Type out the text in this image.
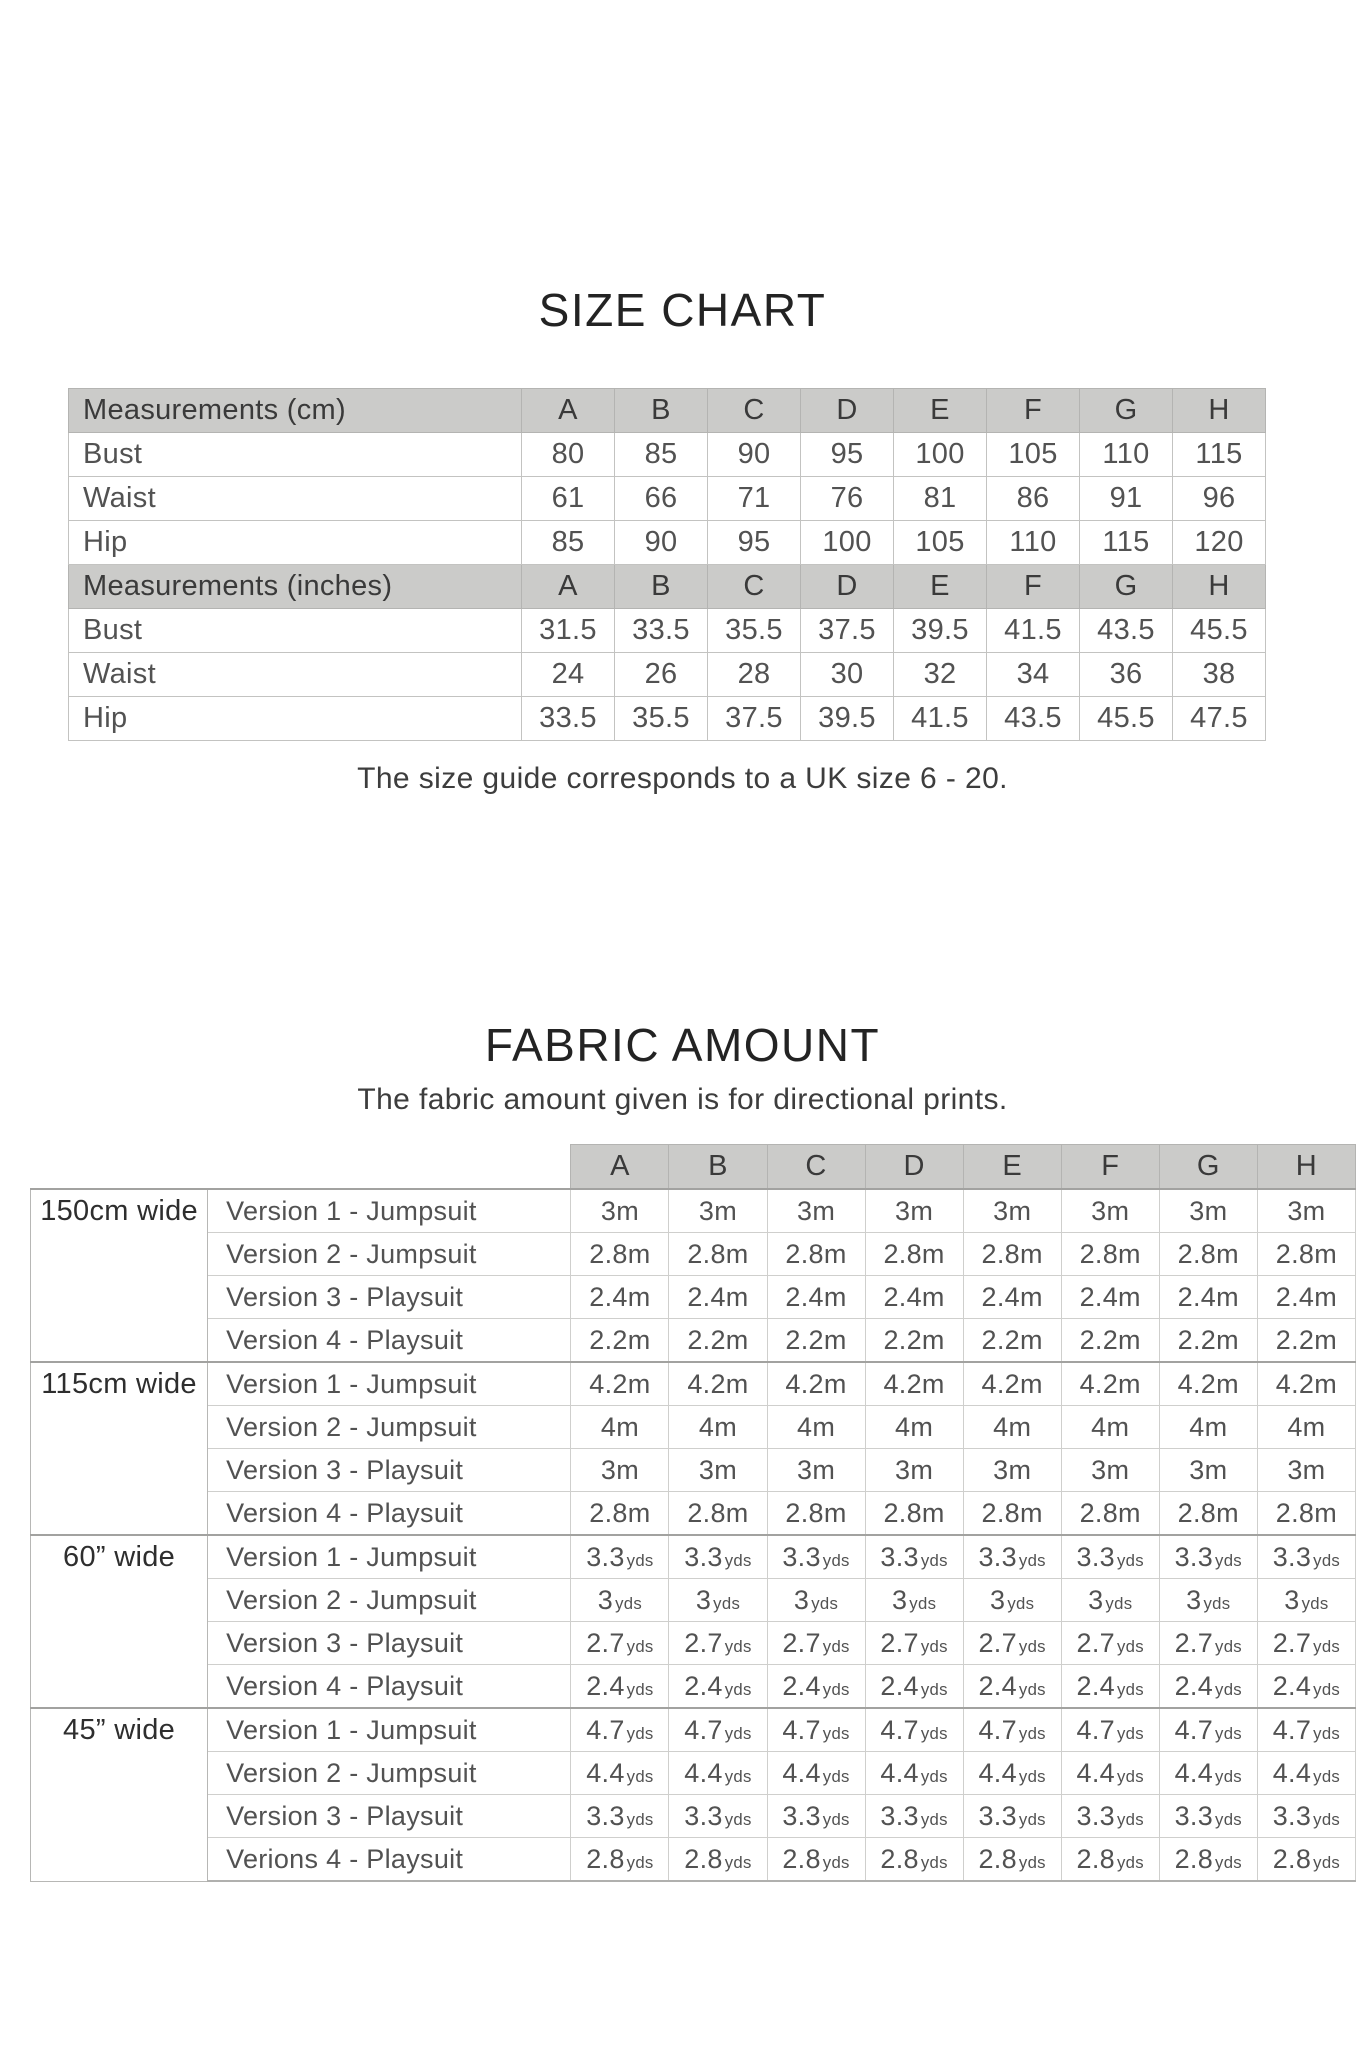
SIZE CHART
Measurements (cm)	A	B	C	D	E	F	G	H
Bust	80	85	90	95	100	105	110	115
Waist	61	66	71	76	81	86	91	96
Hip	85	90	95	100	105	110	115	120
Measurements (inches)	A	B	C	D	E	F	G	H
Bust	31.5	33.5	35.5	37.5	39.5	41.5	43.5	45.5
Waist	24	26	28	30	32	34	36	38
Hip	33.5	35.5	37.5	39.5	41.5	43.5	45.5	47.5
The size guide corresponds to a UK size 6 - 20.
FABRIC AMOUNT
The fabric amount given is for directional prints.
		A	B	C	D	E	F	G	H
150cm wide	Version 1 - Jumpsuit	3m	3m	3m	3m	3m	3m	3m	3m
	Version 2 - Jumpsuit	2.8m	2.8m	2.8m	2.8m	2.8m	2.8m	2.8m	2.8m
	Version 3 - Playsuit	2.4m	2.4m	2.4m	2.4m	2.4m	2.4m	2.4m	2.4m
	Version 4 - Playsuit	2.2m	2.2m	2.2m	2.2m	2.2m	2.2m	2.2m	2.2m
115cm wide	Version 1 - Jumpsuit	4.2m	4.2m	4.2m	4.2m	4.2m	4.2m	4.2m	4.2m
	Version 2 - Jumpsuit	4m	4m	4m	4m	4m	4m	4m	4m
	Version 3 - Playsuit	3m	3m	3m	3m	3m	3m	3m	3m
	Version 4 - Playsuit	2.8m	2.8m	2.8m	2.8m	2.8m	2.8m	2.8m	2.8m
60” wide	Version 1 - Jumpsuit	3.3 yds	3.3 yds	3.3 yds	3.3 yds	3.3 yds	3.3 yds	3.3 yds	3.3 yds
	Version 2 - Jumpsuit	3 yds	3 yds	3 yds	3 yds	3 yds	3 yds	3 yds	3 yds
	Version 3 - Playsuit	2.7 yds	2.7 yds	2.7 yds	2.7 yds	2.7 yds	2.7 yds	2.7 yds	2.7 yds
	Version 4 - Playsuit	2.4 yds	2.4 yds	2.4 yds	2.4 yds	2.4 yds	2.4 yds	2.4 yds	2.4 yds
45” wide	Version 1 - Jumpsuit	4.7 yds	4.7 yds	4.7 yds	4.7 yds	4.7 yds	4.7 yds	4.7 yds	4.7 yds
	Version 2 - Jumpsuit	4.4 yds	4.4 yds	4.4 yds	4.4 yds	4.4 yds	4.4 yds	4.4 yds	4.4 yds
	Version 3 - Playsuit	3.3 yds	3.3 yds	3.3 yds	3.3 yds	3.3 yds	3.3 yds	3.3 yds	3.3 yds
	Verions 4 - Playsuit	2.8 yds	2.8 yds	2.8 yds	2.8 yds	2.8 yds	2.8 yds	2.8 yds	2.8 yds
